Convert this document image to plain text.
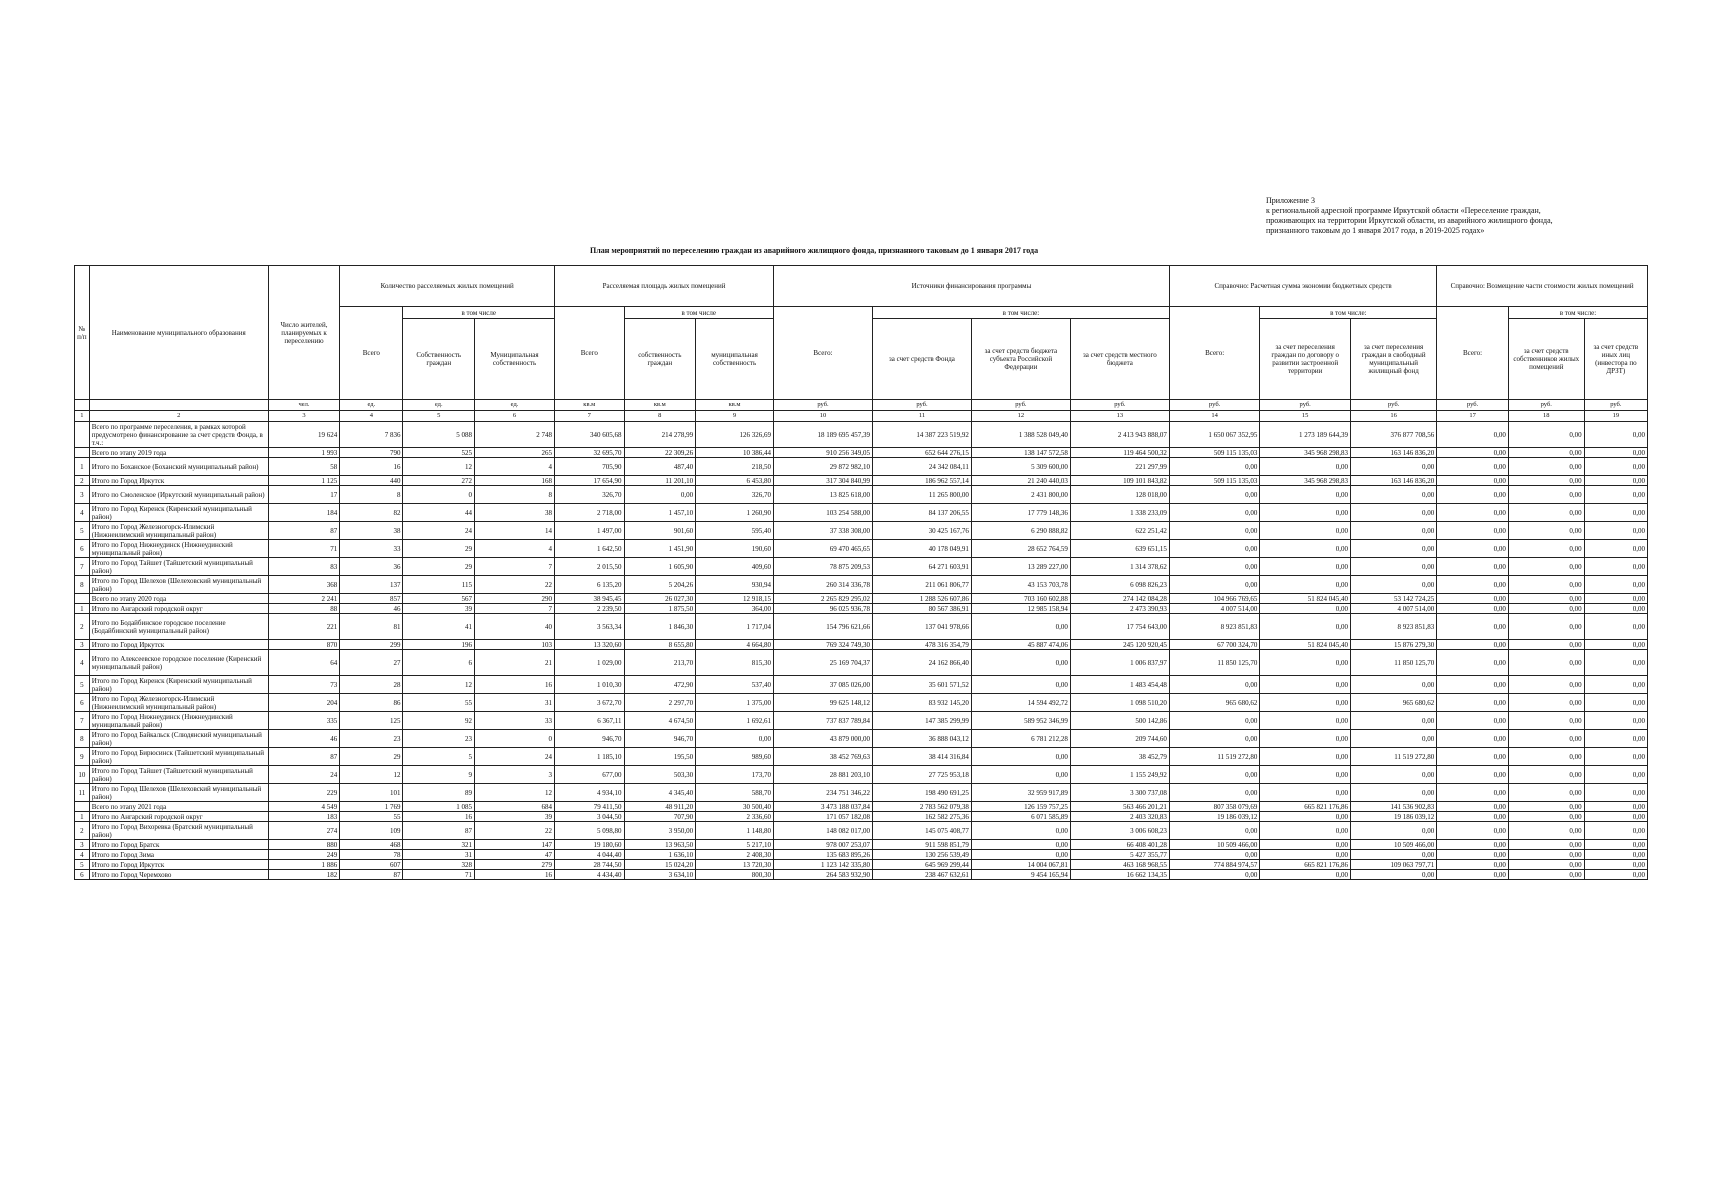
Приложение 3
к региональной адресной программе Иркутской области «Переселение граждан,
проживающих на территории Иркутской области, из аварийного жилищного фонда,
признанного таковым до 1 января 2017 года, в 2019-2025 годах»
План мероприятий по переселению граждан из аварийного жилищного фонда, признанного таковым до 1 января 2017 года
№ п/п	Наименование муниципального образования	Число жителей, планируемых к переселению	Количество расселяемых жилых помещений			Расселяемая площадь жилых помещений			Источники финансирования программы				Справочно: Расчетная сумма экономии бюджетных средств			Справочно: Возмещение части стоимости жилых помещений		
			Всего	в том числе		Всего	в том числе		Всего:	в том числе:			Всего:	в том числе:		Всего:	в том числе:	
				Собственность граждан	Муниципальная собственность		собственность граждан	муниципальная собственность		за счет средств Фонда	за счет средств бюджета субъекта Российской Федерации	за счет средств местного бюджета		за счет переселения граждан по договору о развитии застроенной территории	за счет переселения граждан в свободный муниципальный жилищный фонд		за счет средств собственников жилых помещений	за счет средств иных лиц (инвестора по ДРЗТ)
		чел.	ед.	ед.	ед.	кв.м	кв.м	кв.м	руб.	руб.	руб.	руб.	руб.	руб.	руб.	руб.	руб.	руб.
1	2	3	4	5	6	7	8	9	10	11	12	13	14	15	16	17	18	19
	Всего по программе переселения, в рамках которой предусмотрено финансирование за счет средств Фонда, в т.ч.:	19 624	7 836	5 088	2 748	340 605,68	214 278,99	126 326,69	18 189 695 457,39	14 387 223 519,92	1 388 528 049,40	2 413 943 888,07	1 650 067 352,95	1 273 189 644,39	376 877 708,56	0,00	0,00	0,00
	Всего по этапу 2019 года	1 993	790	525	265	32 695,70	22 309,26	10 386,44	910 256 349,05	652 644 276,15	138 147 572,58	119 464 500,32	509 115 135,03	345 968 298,83	163 146 836,20	0,00	0,00	0,00
1	Итого по Боханское (Боханский муниципальный район)	58	16	12	4	705,90	487,40	218,50	29 872 982,10	24 342 084,11	5 309 600,00	221 297,99	0,00	0,00	0,00	0,00	0,00	0,00
2	Итого по Город Иркутск	1 125	440	272	168	17 654,90	11 201,10	6 453,80	317 304 840,99	186 962 557,14	21 240 440,03	109 101 843,82	509 115 135,03	345 968 298,83	163 146 836,20	0,00	0,00	0,00
3	Итого по Смоленское (Иркутский муниципальный район)	17	8	0	8	326,70	0,00	326,70	13 825 618,00	11 265 800,00	2 431 800,00	128 018,00	0,00	0,00	0,00	0,00	0,00	0,00
4	Итого по Город Киренск (Киренский муниципальный район)	184	82	44	38	2 718,00	1 457,10	1 260,90	103 254 588,00	84 137 206,55	17 779 148,36	1 338 233,09	0,00	0,00	0,00	0,00	0,00	0,00
5	Итого по Город Железногорск-Илимский (Нижнеилимский муниципальный район)	87	38	24	14	1 497,00	901,60	595,40	37 338 308,00	30 425 167,76	6 290 888,82	622 251,42	0,00	0,00	0,00	0,00	0,00	0,00
6	Итого по Город Нижнеудинск (Нижнеудинский муниципальный район)	71	33	29	4	1 642,50	1 451,90	190,60	69 470 465,65	40 178 049,91	28 652 764,59	639 651,15	0,00	0,00	0,00	0,00	0,00	0,00
7	Итого по Город Тайшет (Тайшетский муниципальный район)	83	36	29	7	2 015,50	1 605,90	409,60	78 875 209,53	64 271 603,91	13 289 227,00	1 314 378,62	0,00	0,00	0,00	0,00	0,00	0,00
8	Итого по Город Шелехов (Шелеховский муниципальный район)	368	137	115	22	6 135,20	5 204,26	930,94	260 314 336,78	211 061 806,77	43 153 703,78	6 098 826,23	0,00	0,00	0,00	0,00	0,00	0,00
	Всего по этапу 2020 года	2 241	857	567	290	38 945,45	26 027,30	12 918,15	2 265 829 295,02	1 288 526 607,86	703 160 602,88	274 142 084,28	104 966 769,65	51 824 045,40	53 142 724,25	0,00	0,00	0,00
1	Итого по Ангарский городской округ	88	46	39	7	2 239,50	1 875,50	364,00	96 025 936,78	80 567 386,91	12 985 158,94	2 473 390,93	4 007 514,00	0,00	4 007 514,00	0,00	0,00	0,00
2	Итого по Бодайбинское городское поселение (Бодайбинский муниципальный район)	221	81	41	40	3 563,34	1 846,30	1 717,04	154 796 621,66	137 041 978,66	0,00	17 754 643,00	8 923 851,83	0,00	8 923 851,83	0,00	0,00	0,00
3	Итого по Город Иркутск	870	299	196	103	13 320,60	8 655,80	4 664,80	769 324 749,30	478 316 354,79	45 887 474,06	245 120 920,45	67 700 324,70	51 824 045,40	15 876 279,30	0,00	0,00	0,00
4	Итого по Алексеевское городское поселение (Киренский муниципальный район)	64	27	6	21	1 029,00	213,70	815,30	25 169 704,37	24 162 866,40	0,00	1 006 837,97	11 850 125,70	0,00	11 850 125,70	0,00	0,00	0,00
5	Итого по Город Киренск (Киренский муниципальный район)	73	28	12	16	1 010,30	472,90	537,40	37 085 026,00	35 601 571,52	0,00	1 483 454,48	0,00	0,00	0,00	0,00	0,00	0,00
6	Итого по Город Железногорск-Илимский (Нижнеилимский муниципальный район)	204	86	55	31	3 672,70	2 297,70	1 375,00	99 625 148,12	83 932 145,20	14 594 492,72	1 098 510,20	965 680,62	0,00	965 680,62	0,00	0,00	0,00
7	Итого по Город Нижнеудинск (Нижнеудинский муниципальный район)	335	125	92	33	6 367,11	4 674,50	1 692,61	737 837 789,84	147 385 299,99	589 952 346,99	500 142,86	0,00	0,00	0,00	0,00	0,00	0,00
8	Итого по Город Байкальск (Слюдянский муниципальный район)	46	23	23	0	946,70	946,70	0,00	43 879 000,00	36 888 043,12	6 781 212,28	209 744,60	0,00	0,00	0,00	0,00	0,00	0,00
9	Итого по Город Бирюсинск (Тайшетский муниципальный район)	87	29	5	24	1 185,10	195,50	989,60	38 452 769,63	38 414 316,84	0,00	38 452,79	11 519 272,80	0,00	11 519 272,80	0,00	0,00	0,00
10	Итого по Город Тайшет (Тайшетский муниципальный район)	24	12	9	3	677,00	503,30	173,70	28 881 203,10	27 725 953,18	0,00	1 155 249,92	0,00	0,00	0,00	0,00	0,00	0,00
11	Итого по Город Шелехов (Шелеховский муниципальный район)	229	101	89	12	4 934,10	4 345,40	588,70	234 751 346,22	198 490 691,25	32 959 917,89	3 300 737,08	0,00	0,00	0,00	0,00	0,00	0,00
	Всего по этапу 2021 года	4 549	1 769	1 085	684	79 411,50	48 911,20	30 500,40	3 473 188 037,84	2 783 562 079,38	126 159 757,25	563 466 201,21	807 358 079,69	665 821 176,86	141 536 902,83	0,00	0,00	0,00
1	Итого по Ангарский городской округ	183	55	16	39	3 044,50	707,90	2 336,60	171 057 182,08	162 582 275,36	6 071 585,89	2 403 320,83	19 186 039,12	0,00	19 186 039,12	0,00	0,00	0,00
2	Итого по Город Вихоревка (Братский муниципальный район)	274	109	87	22	5 098,80	3 950,00	1 148,80	148 082 017,00	145 075 408,77	0,00	3 006 608,23	0,00	0,00	0,00	0,00	0,00	0,00
3	Итого по Город Братск	880	468	321	147	19 180,60	13 963,50	5 217,10	978 007 253,07	911 598 851,79	0,00	66 408 401,28	10 509 466,00	0,00	10 509 466,00	0,00	0,00	0,00
4	Итого по Город Зима	249	78	31	47	4 044,40	1 636,10	2 408,30	135 683 895,26	130 256 539,49	0,00	5 427 355,77	0,00	0,00	0,00	0,00	0,00	0,00
5	Итого по Город Иркутск	1 886	607	328	279	28 744,50	15 024,20	13 720,30	1 123 142 335,80	645 969 299,44	14 004 067,81	463 168 968,55	774 884 974,57	665 821 176,86	109 063 797,71	0,00	0,00	0,00
6	Итого по Город Черемхово	182	87	71	16	4 434,40	3 634,10	800,30	264 583 932,90	238 467 632,61	9 454 165,94	16 662 134,35	0,00	0,00	0,00	0,00	0,00	0,00
